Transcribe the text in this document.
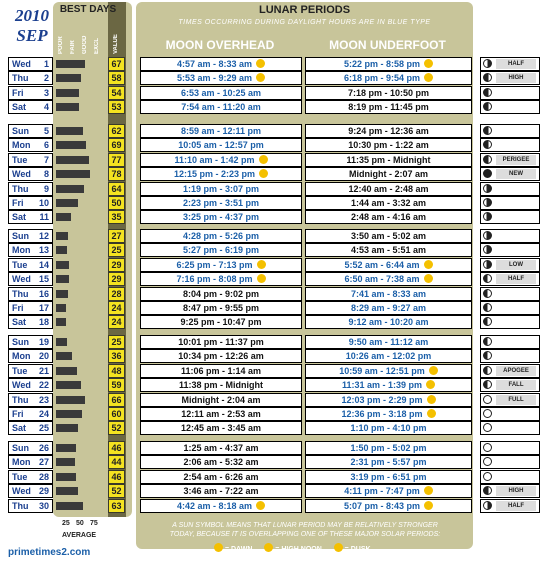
2010
SEP
BEST DAYS
POOR FAIR GOOD EXCL VALUE
LUNAR PERIODS
TIMES OCCURRING DURING DAYLIGHT HOURS ARE IN BLUE TYPE
MOON OVERHEAD	MOON UNDERFOOT
Wed 1	67	4:57 am - 8:33 am	5:22 pm - 8:58 pm	HALF
Thu 2	58	5:53 am - 9:29 am	6:18 pm - 9:54 pm	HIGH
Fri 3	54	6:53 am - 10:25 am	7:18 pm - 10:50 pm
Sat 4	53	7:54 am - 11:20 am	8:19 pm - 11:45 pm
Sun 5	62	8:59 am - 12:11 pm	9:24 pm - 12:36 am
Mon 6	69	10:05 am - 12:57 pm	10:30 pm - 1:22 am
Tue 7	77	11:10 am - 1:42 pm	11:35 pm - Midnight	PERIGEE
Wed 8	78	12:15 pm - 2:23 pm	Midnight - 2:07 am	NEW
Thu 9	64	1:19 pm - 3:07 pm	12:40 am - 2:48 am
Fri 10	50	2:23 pm - 3:51 pm	1:44 am - 3:32 am
Sat 11	35	3:25 pm - 4:37 pm	2:48 am - 4:16 am
Sun 12	27	4:28 pm - 5:26 pm	3:50 am - 5:02 am
Mon 13	25	5:27 pm - 6:19 pm	4:53 am - 5:51 am
Tue 14	29	6:25 pm - 7:13 pm	5:52 am - 6:44 am	LOW
Wed 15	29	7:16 pm - 8:08 pm	6:50 am - 7:38 am	HALF
Thu 16	28	8:04 pm - 9:02 pm	7:41 am - 8:33 am
Fri 17	24	8:47 pm - 9:55 pm	8:29 am - 9:27 am
Sat 18	24	9:25 pm - 10:47 pm	9:12 am - 10:20 am
Sun 19	25	10:01 pm - 11:37 pm	9:50 am - 11:12 am
Mon 20	36	10:34 pm - 12:26 am	10:26 am - 12:02 pm
Tue 21	48	11:06 pm - 1:14 am	10:59 am - 12:51 pm	APOGEE
Wed 22	59	11:38 pm - Midnight	11:31 am - 1:39 pm	FALL
Thu 23	66	Midnight - 2:04 am	12:03 pm - 2:29 pm	FULL
Fri 24	60	12:11 am - 2:53 am	12:36 pm - 3:18 pm
Sat 25	52	12:45 am - 3:45 am	1:10 pm - 4:10 pm
Sun 26	46	1:25 am - 4:37 am	1:50 pm - 5:02 pm
Mon 27	44	2:06 am - 5:32 am	2:31 pm - 5:57 pm
Tue 28	46	2:54 am - 6:26 am	3:19 pm - 6:51 pm
Wed 29	52	3:46 am - 7:22 am	4:11 pm - 7:47 pm	HIGH
Thu 30	63	4:42 am - 8:18 am	5:07 pm - 8:43 pm	HALF
25 50 75
AVERAGE
A SUN SYMBOL MEANS THAT LUNAR PERIOD MAY BE RELATIVELY STRONGER
TODAY, BECAUSE IT IS OVERLAPPING ONE OF THESE MAJOR SOLAR PERIODS:
= DAWN	= HIGH NOON	= DUSK
primetimes2.com
